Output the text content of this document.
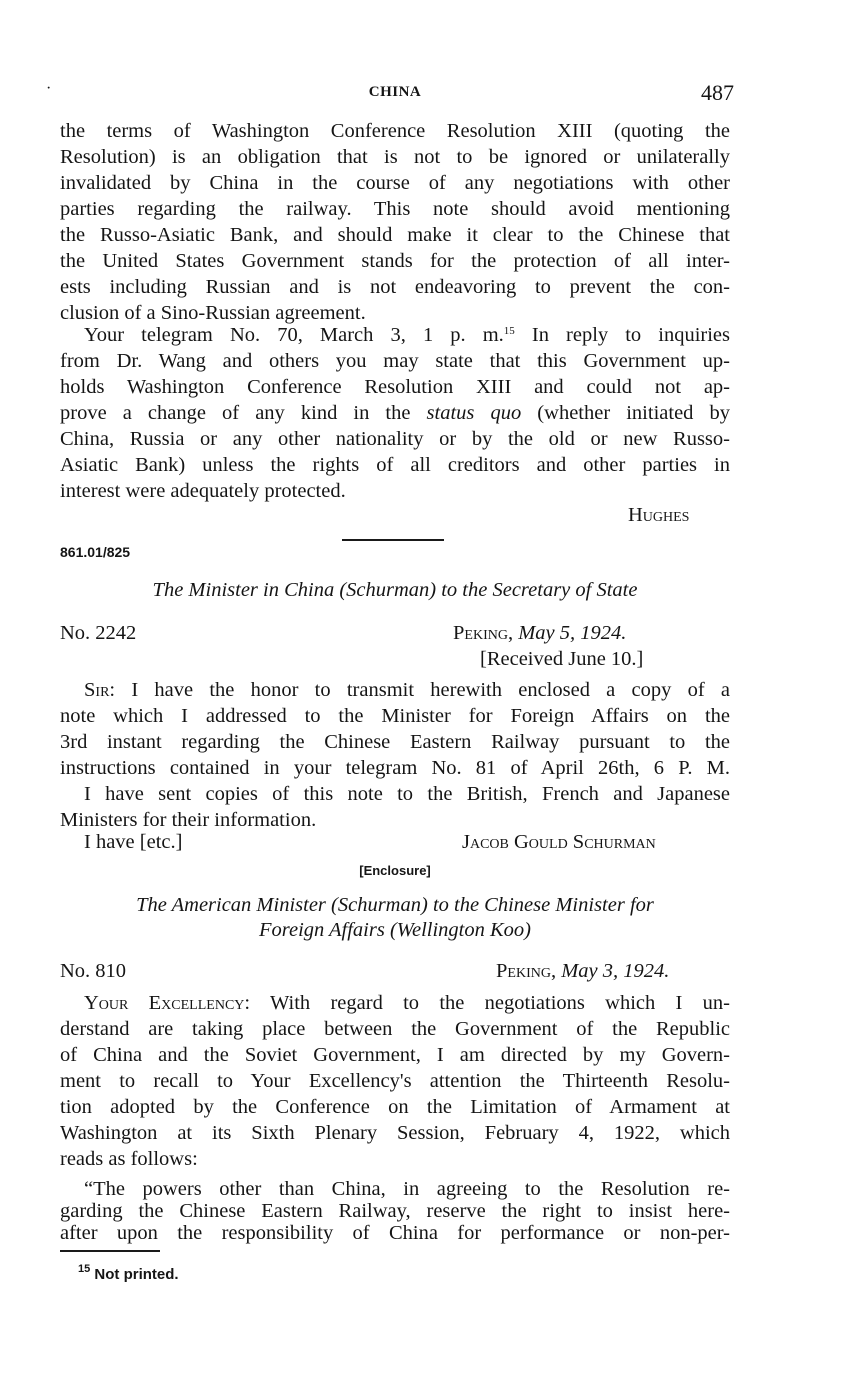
·	CHINA	487
the terms of Washington Conference Resolution XIII (quoting the
Resolution) is an obligation that is not to be ignored or unilaterally
invalidated by China in the course of any negotiations with other
parties regarding the railway. This note should avoid mentioning
the Russo-Asiatic Bank, and should make it clear to the Chinese that
the United States Government stands for the protection of all inter-
ests including Russian and is not endeavoring to prevent the con-
clusion of a Sino-Russian agreement.
Your telegram No. 70, March 3, 1 p. m.$^{15}$ In reply to inquiries
from Dr. Wang and others you may state that this Government up-
holds Washington Conference Resolution XIII and could not ap-
prove a change of any kind in the status quo (whether initiated by
China, Russia or any other nationality or by the old or new Russo-
Asiatic Bank) unless the rights of all creditors and other parties in
interest were adequately protected.
Hughes
861.01/825
The Minister in China (Schurman) to the Secretary of State
No. 2242	Peking, May 5, 1924.
[Received June 10.]
Sir: I have the honor to transmit herewith enclosed a copy of a
note which I addressed to the Minister for Foreign Affairs on the
3rd instant regarding the Chinese Eastern Railway pursuant to the
instructions contained in your telegram No. 81 of April 26th, 6 P. M.
I have sent copies of this note to the British, French and Japanese
Ministers for their information.
I have [etc.]	Jacob Gould Schurman
[Enclosure]
The American Minister (Schurman) to the Chinese Minister for
Foreign Affairs (Wellington Koo)
No. 810	Peking, May 3, 1924.
Your Excellency: With regard to the negotiations which I un-
derstand are taking place between the Government of the Republic
of China and the Soviet Government, I am directed by my Govern-
ment to recall to Your Excellency's attention the Thirteenth Resolu-
tion adopted by the Conference on the Limitation of Armament at
Washington at its Sixth Plenary Session, February 4, 1922, which
reads as follows:
“The powers other than China, in agreeing to the Resolution re-
garding the Chinese Eastern Railway, reserve the right to insist here-
after upon the responsibility of China for performance or non-per-
$^{15}$ Not printed.
